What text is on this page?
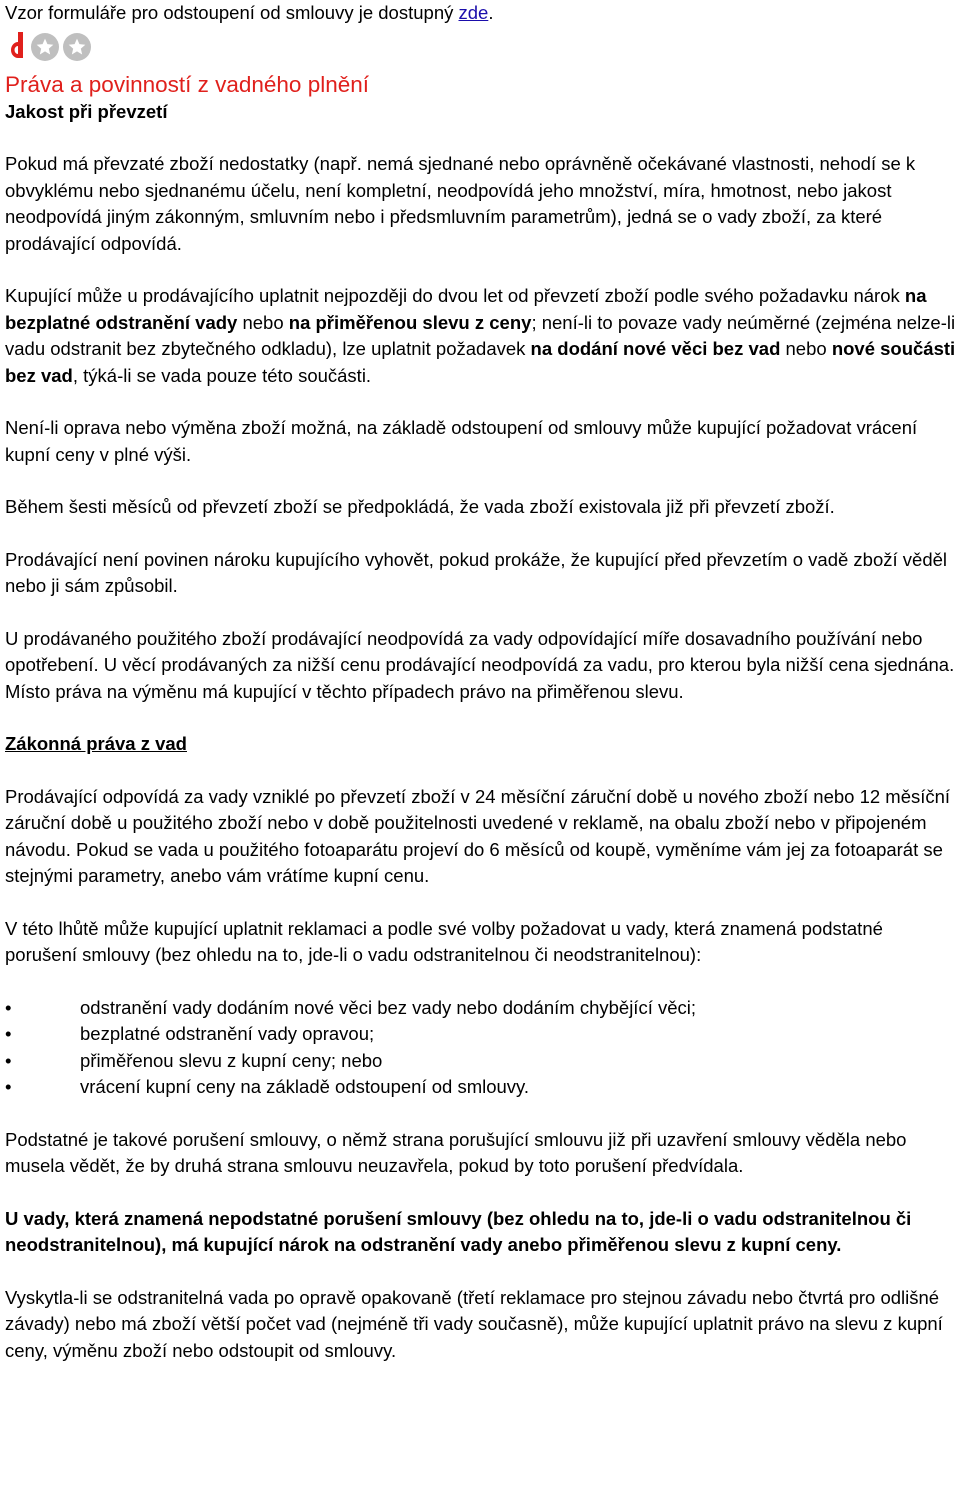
Vzor formuláře pro odstoupení od smlouvy je dostupný zde.

Práva a povinností z vadného plnění

Jakost při převzetí

Pokud má převzaté zboží nedostatky (např. nemá sjednané nebo oprávněně očekávané vlastnosti, nehodí se k obvyklému nebo sjednanému účelu, není kompletní, neodpovídá jeho množství, míra, hmotnost, nebo jakost neodpovídá jiným zákonným, smluvním nebo i předsmluvním parametrům), jedná se o vady zboží, za které prodávající odpovídá.

Kupující může u prodávajícího uplatnit nejpozději do dvou let od převzetí zboží podle svého požadavku nárok na bezplatné odstranění vady nebo na přiměřenou slevu z ceny; není-li to povaze vady neúměrné (zejména nelze-li vadu odstranit bez zbytečného odkladu), lze uplatnit požadavek na dodání nové věci bez vad nebo nové součásti bez vad, týká-li se vada pouze této součásti.

Není-li oprava nebo výměna zboží možná, na základě odstoupení od smlouvy může kupující požadovat vrácení kupní ceny v plné výši.

Během šesti měsíců od převzetí zboží se předpokládá, že vada zboží existovala již při převzetí zboží.

Prodávající není povinen nároku kupujícího vyhovět, pokud prokáže, že kupující před převzetím o vadě zboží věděl nebo ji sám způsobil.

U prodávaného použitého zboží prodávající neodpovídá za vady odpovídající míře dosavadního používání nebo opotřebení. U věcí prodávaných za nižší cenu prodávající neodpovídá za vadu, pro kterou byla nižší cena sjednána. Místo práva na výměnu má kupující v těchto případech právo na přiměřenou slevu.

Zákonná práva z vad

Prodávající odpovídá za vady vzniklé po převzetí zboží v 24 měsíční záruční době u nového zboží nebo 12 měsíční záruční době u použitého zboží nebo v době použitelnosti uvedené v reklamě, na obalu zboží nebo v připojeném návodu. Pokud se vada u použitého fotoaparátu projeví do 6 měsíců od koupě, vyměníme vám jej za fotoaparát se stejnými parametry, anebo vám vrátíme kupní cenu.

V této lhůtě může kupující uplatnit reklamaci a podle své volby požadovat u vady, která znamená podstatné porušení smlouvy (bez ohledu na to, jde-li o vadu odstranitelnou či neodstranitelnou):

•	odstranění vady dodáním nové věci bez vady nebo dodáním chybějící věci;
•	bezplatné odstranění vady opravou;
•	přiměřenou slevu z kupní ceny; nebo
•	vrácení kupní ceny na základě odstoupení od smlouvy.

Podstatné je takové porušení smlouvy, o němž strana porušující smlouvu již při uzavření smlouvy věděla nebo musela vědět, že by druhá strana smlouvu neuzavřela, pokud by toto porušení předvídala.

U vady, která znamená nepodstatné porušení smlouvy (bez ohledu na to, jde-li o vadu odstranitelnou či neodstranitelnou), má kupující nárok na odstranění vady anebo přiměřenou slevu z kupní ceny.

Vyskytla-li se odstranitelná vada po opravě opakovaně (třetí reklamace pro stejnou závadu nebo čtvrtá pro odlišné závady) nebo má zboží větší počet vad (nejméně tři vady současně), může kupující uplatnit právo na slevu z kupní ceny, výměnu zboží nebo odstoupit od smlouvy.
